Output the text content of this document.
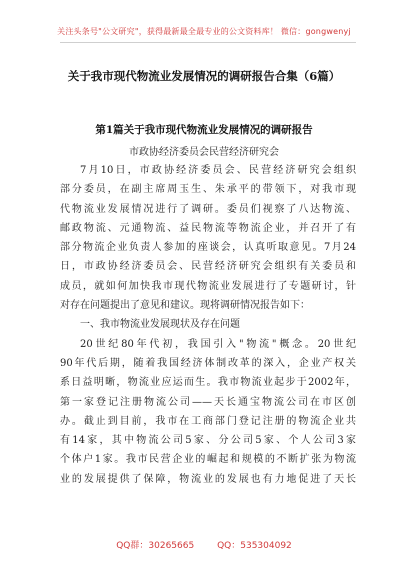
关注头条号"公文研究"，获得最新最全最专业的公文资料库！ 微信：gongwenyj
关于我市现代物流业发展情况的调研报告合集（6篇）
第1篇关于我市现代物流业发展情况的调研报告
市政协经济委员会民营经济研究会
7月10日，市政协经济委员会、民营经济研究会组织
部分委员，在副主席周玉生、朱承平的带领下，对我市现
代物流业发展情况进行了调研。委员们视察了八达物流、
邮政物流、元通物流、益民物流等物流企业，并召开了有
部分物流企业负责人参加的座谈会，认真听取意见。7月24
日，市政协经济委员会、民营经济研究会组织有关委员和
成员，就如何加快我市现代物流业发展进行了专题研讨，针
对存在问题提出了意见和建议。现将调研情况报告如下：
一、我市物流业发展现状及存在问题
20世纪80年代初，我国引入"物流"概念。20世纪
90年代后期，随着我国经济体制改革的深入，企业产权关
系日益明晰，物流业应运而生。我市物流业起步于2002年，
第一家登记注册物流公司——天长通宝物流公司在市区创
办。截止到目前，我市在工商部门登记注册的物流企业共
有14家，其中物流公司5家、分公司5家、个人公司3家
个体户1家。我市民营企业的崛起和规模的不断扩张为物流
业的发展提供了保障，物流业的发展也有力地促进了天长
QQ群：30265665	QQ：535304092
